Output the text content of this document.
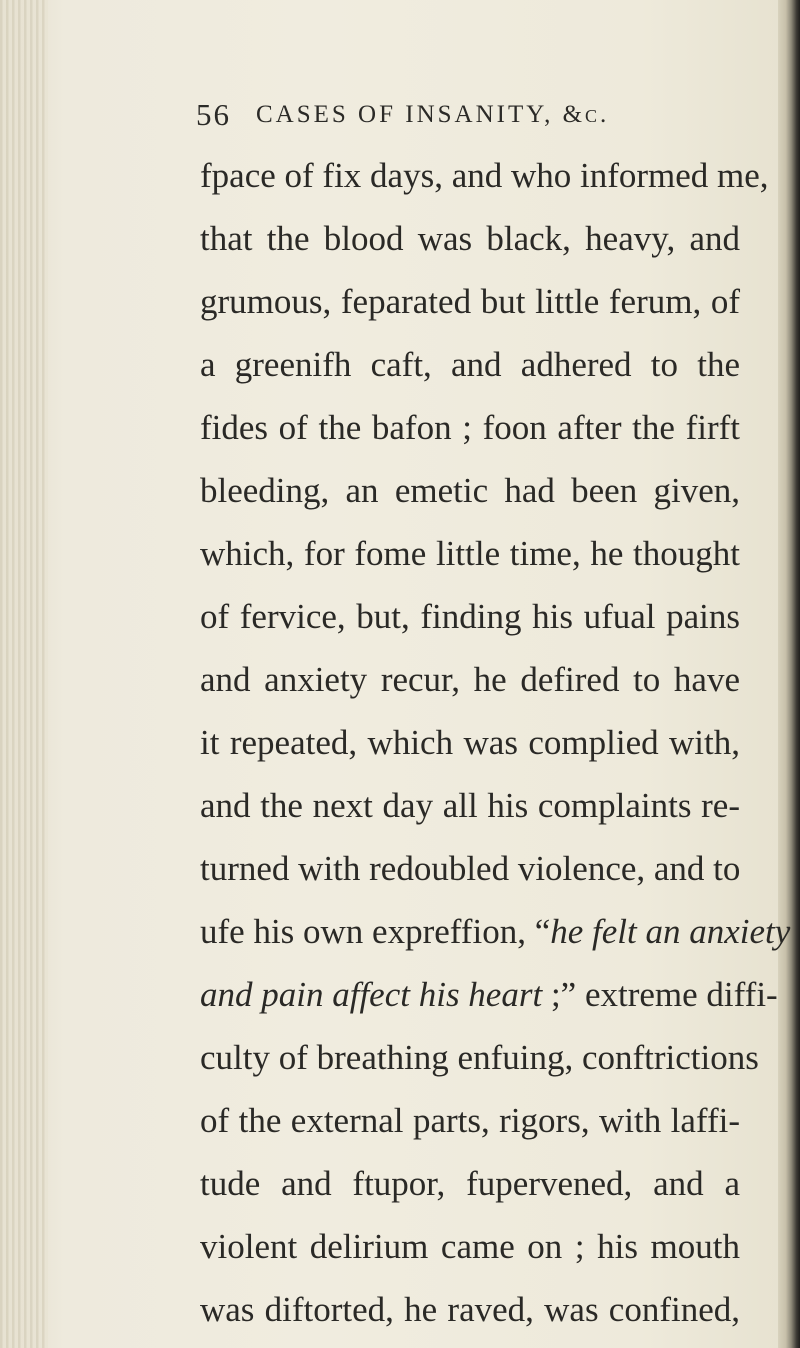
56 CASES OF INSANITY, &c.
fpace of fix days, and who informed me,
that the blood was black, heavy, and
grumous, feparated but little ferum, of
a greenifh caft, and adhered to the
fides of the bafon ; foon after the firft
bleeding, an emetic had been given,
which, for fome little time, he thought
of fervice, but, finding his ufual pains
and anxiety recur, he defired to have
it repeated, which was complied with,
and the next day all his complaints re-
turned with redoubled violence, and to
ufe his own expreffion, “he felt an anxiety
and pain affect his heart ;” extreme diffi-
culty of breathing enfuing, conftrictions
of the external parts, rigors, with laffi-
tude and ftupor, fupervened, and a
violent delirium came on ; his mouth
was diftorted, he raved, was confined,
